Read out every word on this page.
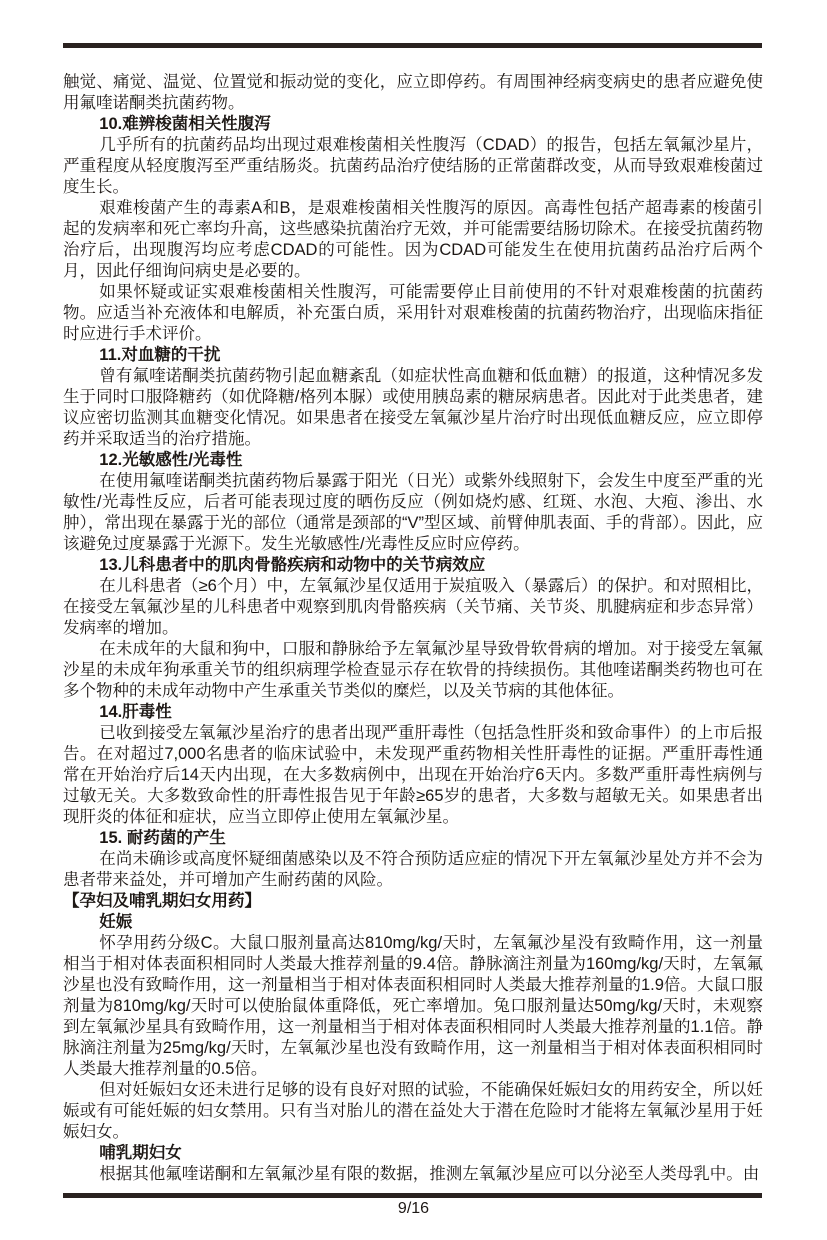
触觉、痛觉、温觉、位置觉和振动觉的变化，应立即停药。有周围神经病变病史的患者应避免使用氟喹诺酮类抗菌药物。

10.难辨梭菌相关性腹泻

几乎所有的抗菌药品均出现过艰难梭菌相关性腹泻（CDAD）的报告，包括左氧氟沙星片，严重程度从轻度腹泻至严重结肠炎。抗菌药品治疗使结肠的正常菌群改变，从而导致艰难梭菌过度生长。

艰难梭菌产生的毒素A和B，是艰难梭菌相关性腹泻的原因。高毒性包括产超毒素的梭菌引起的发病率和死亡率均升高，这些感染抗菌治疗无效，并可能需要结肠切除术。在接受抗菌药物治疗后，出现腹泻均应考虑CDAD的可能性。因为CDAD可能发生在使用抗菌药品治疗后两个月，因此仔细询问病史是必要的。

如果怀疑或证实艰难梭菌相关性腹泻，可能需要停止目前使用的不针对艰难梭菌的抗菌药物。应适当补充液体和电解质，补充蛋白质，采用针对艰难梭菌的抗菌药物治疗，出现临床指征时应进行手术评价。

11.对血糖的干扰

曾有氟喹诺酮类抗菌药物引起血糖紊乱（如症状性高血糖和低血糖）的报道，这种情况多发生于同时口服降糖药（如优降糖/格列本脲）或使用胰岛素的糖尿病患者。因此对于此类患者，建议应密切监测其血糖变化情况。如果患者在接受左氧氟沙星片治疗时出现低血糖反应，应立即停药并采取适当的治疗措施。

12.光敏感性/光毒性

在使用氟喹诺酮类抗菌药物后暴露于阳光（日光）或紫外线照射下，会发生中度至严重的光敏性/光毒性反应，后者可能表现过度的晒伤反应（例如烧灼感、红斑、水泡、大疱、渗出、水肿），常出现在暴露于光的部位（通常是颈部的“V”型区域、前臂伸肌表面、手的背部）。因此，应该避免过度暴露于光源下。发生光敏感性/光毒性反应时应停药。

13.儿科患者中的肌肉骨骼疾病和动物中的关节病效应

在儿科患者（≥6个月）中，左氧氟沙星仅适用于炭疽吸入（暴露后）的保护。和对照相比，在接受左氧氟沙星的儿科患者中观察到肌肉骨骼疾病（关节痛、关节炎、肌腱病症和步态异常）发病率的增加。

在未成年的大鼠和狗中，口服和静脉给予左氧氟沙星导致骨软骨病的增加。对于接受左氧氟沙星的未成年狗承重关节的组织病理学检查显示存在软骨的持续损伤。其他喹诺酮类药物也可在多个物种的未成年动物中产生承重关节类似的糜烂，以及关节病的其他体征。

14.肝毒性

已收到接受左氧氟沙星治疗的患者出现严重肝毒性（包括急性肝炎和致命事件）的上市后报告。在对超过7,000名患者的临床试验中，未发现严重药物相关性肝毒性的证据。严重肝毒性通常在开始治疗后14天内出现，在大多数病例中，出现在开始治疗6天内。多数严重肝毒性病例与过敏无关。大多数致命性的肝毒性报告见于年龄≥65岁的患者，大多数与超敏无关。如果患者出现肝炎的体征和症状，应当立即停止使用左氧氟沙星。

15. 耐药菌的产生

在尚未确诊或高度怀疑细菌感染以及不符合预防适应症的情况下开左氧氟沙星处方并不会为患者带来益处，并可增加产生耐药菌的风险。

【孕妇及哺乳期妇女用药】

妊娠

怀孕用药分级C。大鼠口服剂量高达810mg/kg/天时，左氧氟沙星没有致畸作用，这一剂量相当于相对体表面积相同时人类最大推荐剂量的9.4倍。静脉滴注剂量为160mg/kg/天时，左氧氟沙星也没有致畸作用，这一剂量相当于相对体表面积相同时人类最大推荐剂量的1.9倍。大鼠口服剂量为810mg/kg/天时可以使胎鼠体重降低，死亡率增加。兔口服剂量达50mg/kg/天时，未观察到左氧氟沙星具有致畸作用，这一剂量相当于相对体表面积相同时人类最大推荐剂量的1.1倍。静脉滴注剂量为25mg/kg/天时，左氧氟沙星也没有致畸作用，这一剂量相当于相对体表面积相同时人类最大推荐剂量的0.5倍。

但对妊娠妇女还未进行足够的设有良好对照的试验，不能确保妊娠妇女的用药安全，所以妊娠或有可能妊娠的妇女禁用。只有当对胎儿的潜在益处大于潜在危险时才能将左氧氟沙星用于妊娠妇女。

哺乳期妇女

根据其他氟喹诺酮和左氧氟沙星有限的数据，推测左氧氟沙星应可以分泌至人类母乳中。由

9/16
